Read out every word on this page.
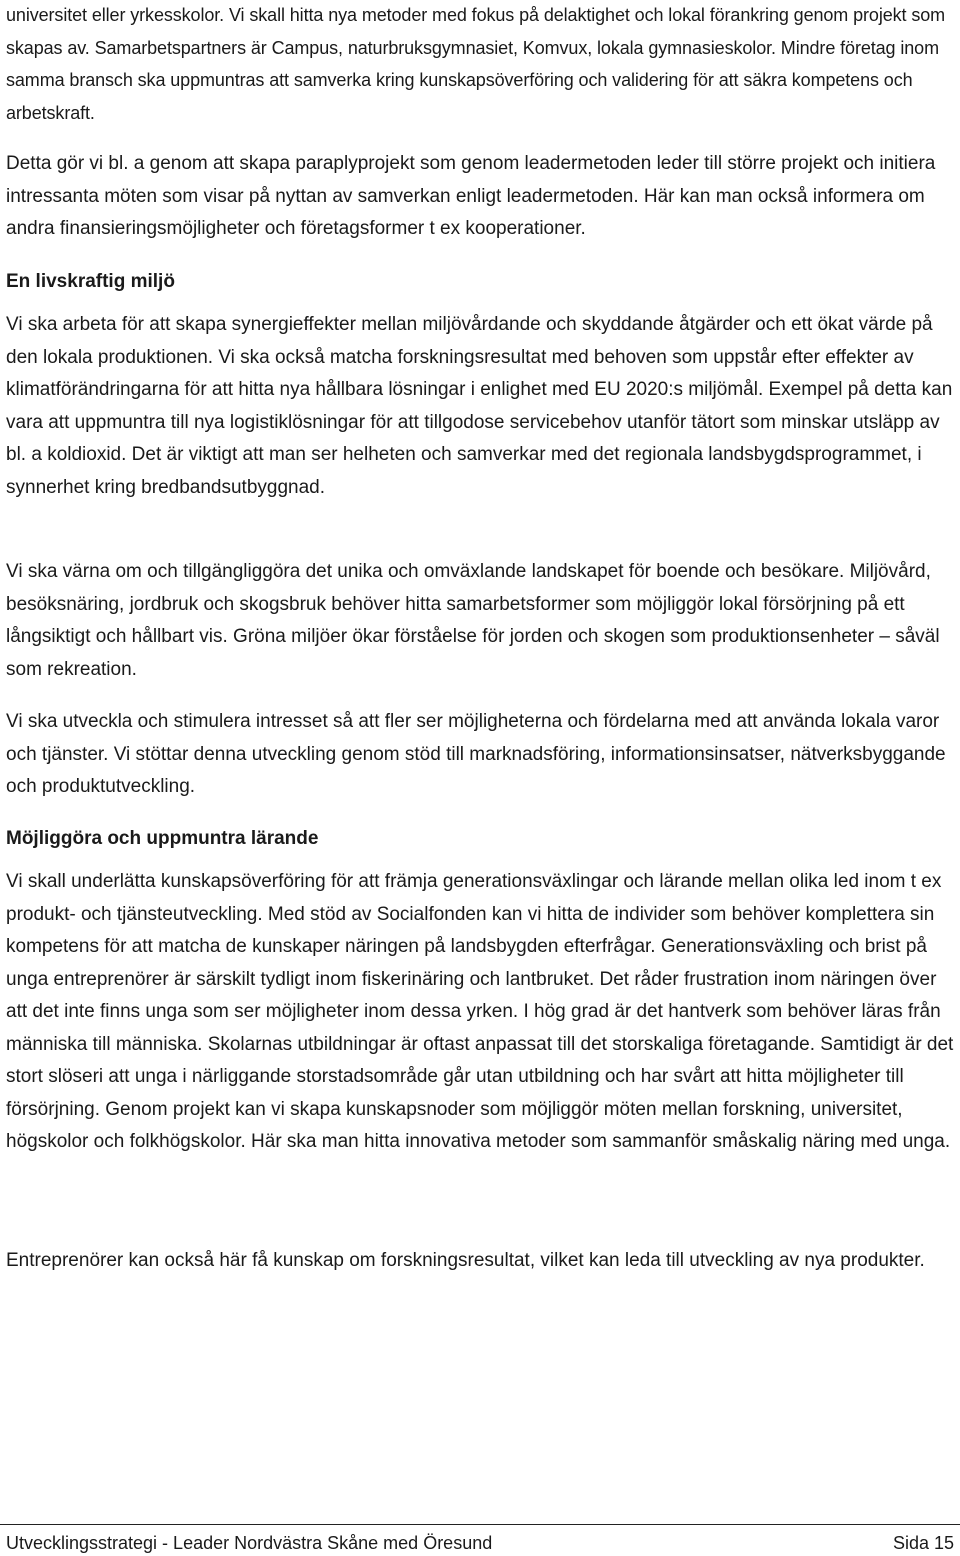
universitet eller yrkesskolor. Vi skall hitta nya metoder med fokus på delaktighet och lokal förankring genom projekt som skapas av. Samarbetspartners är Campus, naturbruksgymnasiet, Komvux, lokala gymnasieskolor. Mindre företag inom samma bransch ska uppmuntras att samverka kring kunskapsöverföring och validering för att säkra kompetens och arbetskraft.

Detta gör vi bl. a genom att skapa paraplyprojekt som genom leadermetoden leder till större projekt och initiera intressanta möten som visar på nyttan av samverkan enligt leadermetoden. Här kan man också informera om andra finansieringsmöjligheter och företagsformer t ex kooperationer.

En livskraftig miljö

Vi ska arbeta för att skapa synergieffekter mellan miljövårdande och skyddande åtgärder och ett ökat värde på den lokala produktionen. Vi ska också matcha forskningsresultat med behoven som uppstår efter effekter av klimatförändringarna för att hitta nya hållbara lösningar i enlighet med EU 2020:s miljömål. Exempel på detta kan vara att uppmuntra till nya logistiklösningar för att tillgodose servicebehov utanför tätort som minskar utsläpp av bl. a koldioxid. Det är viktigt att man ser helheten och samverkar med det regionala landsbygdsprogrammet, i synnerhet kring bredbandsutbyggnad.

Vi ska värna om och tillgängliggöra det unika och omväxlande landskapet för boende och besökare. Miljövård, besöksnäring, jordbruk och skogsbruk behöver hitta samarbetsformer som möjliggör lokal försörjning på ett långsiktigt och hållbart vis. Gröna miljöer ökar förståelse för jorden och skogen som produktionsenheter – såväl som rekreation.

Vi ska utveckla och stimulera intresset så att fler ser möjligheterna och fördelarna med att använda lokala varor och tjänster. Vi stöttar denna utveckling genom stöd till marknadsföring, informationsinsatser, nätverksbyggande och produktutveckling.

Möjliggöra och uppmuntra lärande

Vi skall underlätta kunskapsöverföring för att främja generationsväxlingar och lärande mellan olika led inom t ex produkt- och tjänsteutveckling. Med stöd av Socialfonden kan vi hitta de individer som behöver komplettera sin kompetens för att matcha de kunskaper näringen på landsbygden efterfrågar. Generationsväxling och brist på unga entreprenörer är särskilt tydligt inom fiskerinäring och lantbruket. Det råder frustration inom näringen över att det inte finns unga som ser möjligheter inom dessa yrken. I hög grad är det hantverk som behöver läras från människa till människa. Skolarnas utbildningar är oftast anpassat till det storskaliga företagande. Samtidigt är det stort slöseri att unga i närliggande storstadsområde går utan utbildning och har svårt att hitta möjligheter till försörjning. Genom projekt kan vi skapa kunskapsnoder som möjliggör möten mellan forskning, universitet, högskolor och folkhögskolor. Här ska man hitta innovativa metoder som sammanför småskalig näring med unga.

Entreprenörer kan också här få kunskap om forskningsresultat, vilket kan leda till utveckling av nya produkter.

Utvecklingsstrategi - Leader Nordvästra Skåne med Öresund	Sida 15
